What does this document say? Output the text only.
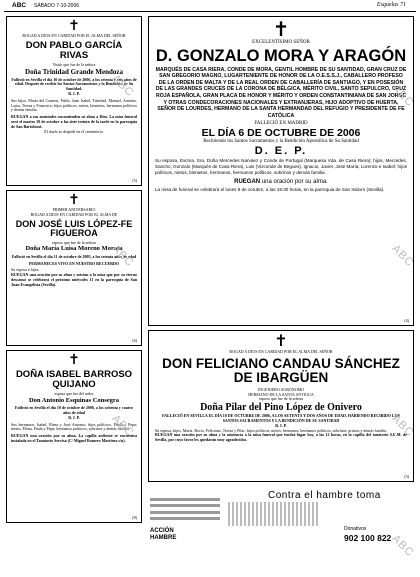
ABC SÁBADO 7-10-2006	Esquelas 71
✝
ROGAD A DIOS EN CARIDAD POR EL ALMA DEL SEÑOR
DON PABLO GARCÍA RIVAS
Viudo que fue de la señora
Doña Trinidad Grande Mendoza
Falleció en Sevilla el día 10 de octubre de 2006, a los setenta y seis años de edad. Después de recibir los Santos Sacramentos y la Bendición de Su Santidad.
R. I. P.
Sus hijos, María del Carmen, Pablo, Juan Isabel, Trinidad, Manuel, Antonio, Luisa, Teresa y Francisco; hijos políticos, nietos, bisnietos, hermanos políticos y demás familia.
RUEGAN a sus amistades encomienden su alma a Dios. La misa funeral será el martes 10 de octubre a las siete treinta de la tarde en la parroquia de San Bartolomé.
El duelo se despide en el cementerio.
(5)
✝
PRIMER ANIVERSARIO
ROGAD A DIOS EN CARIDAD POR EL ALMA DE
DON JOSÉ LUIS LÓPEZ-FE FIGUEROA
esposo que fue de la señora
Doña María Luisa Moreno Morata
Falleció en Sevilla el día 11 de octubre de 2005, a los setenta años de edad
PERMANECES VIVO EN NUESTRO RECUERDO
Su esposa e hijos.
RUEGAN una oración por su alma y asistan a la misa que por su eterno descanso se celebrará el próximo miércoles 11 en la parroquia de San Juan Evangelista (Sevilla).
(6)
✝
DOÑA ISABEL BARROSO QUIJANO
esposa que fue del señor
Don Antonio Esquinas Consegra
Falleció en Sevilla el día 10 de octubre de 2006, a los ochenta y cuatro años de edad
R. I. P.
Sus hermanos: Isabel, Elena y José Antonio; hijos políticos, Pablo y Pepa; nietos, Elena, Paula y Pepa; hermanos políticos, sobrinos y demás familia.
RUEGAN una oración por su alma. La capilla ardiente se encuentra instalada en el Tanatorio Servisa (C/ Miguel Romero Martínez s/n).
(8)
✝
EXCELENTÍSIMO SEÑOR
D. GONZALO MORA Y ARAGÓN
MARQUÉS DE CASA RIERA, CONDE DE MORA, GENTIL HOMBRE DE SU SANTIDAD, GRAN CRUZ DE SAN GREGORIO MAGNO, LUGARTENIENTE DE HONOR DE LA O.E.S.S.J., CABALLERO PROFESO DE LA ORDEN DE MALTA Y DE LA REAL ORDEN DE CABALLERÍA DE SANTIAGO, Y EN POSESIÓN DE LAS GRANDES CRUCES DE LA CORONA DE BÉLGICA, MÉRITO CIVIL, SANTO SEPULCRO, CRUZ ROJA ESPAÑOLA, GRAN PLACA DE HONOR Y MÉRITO Y ORDEN CONSTANTINIANA DE SAN JORGE Y OTRAS CONDECORACIONES NACIONALES Y EXTRANJERAS, HIJO ADOPTIVO DE HUERTA, SEÑOR DE LOURDES, HERMANO DE LA SANTA HERMANDAD DEL REFUGIO Y PRESIDENTE DE FE CATÓLICA
FALLECIÓ EN MADRID
EL DÍA 6 DE OCTUBRE DE 2006
Recibiendo los Santos Sacramentos y la Bendición Apostólica de Su Santidad
D. E. P.
Su esposa, Excma. Sra. Doña Mercedes Narváez y Conde de Portugal (Marquesa Vda. de Casa Riera); hijos, Mercedes, Sancho, Gonzalo (Marqués de Casa Riera), Luis (Vizconde de Begues), Ignacio, Javier, José María, Lorenzo e Isabel; hijos políticos, nietos, bisnietos, hermanos, hermanos políticos, sobrinos y demás familia.
RUEGAN una oración por su alma.
La misa de funeral se celebrará el lunes 9 de octubre, a las 19:30 horas, en la parroquia de San Isidoro (Sevilla).
(4)
✝
ROGAD A DIOS EN CARIDAD POR EL ALMA DEL SEÑOR
DON FELICIANO CANDAU SÁNCHEZ DE IBARGÜEN
INGENIERO AGRÓNOMO
HERMANO DE LA SANTA ANTIGUA
esposo que fue de la señora
Doña Pilar del Pino López de Onivero
FALLECIÓ EN SEVILLA EL DÍA 10 DE OCTUBRE DE 2006, A LOS SETENTA Y DOS AÑOS DE EDAD, HABIENDO RECIBIDO LOS SANTOS SACRAMENTOS Y LA BENDICIÓN DE SU SANTIDAD
R. I. P.
Su esposa; hijos, Marta, Rocío, Feliciano, Teresa y Pilar; hijos políticos, nietos, hermanos, hermanos políticos, sobrinos, primos y demás familia.
RUEGAN una oración por su alma y la asistencia a la misa funeral que tendrá lugar hoy, a las 12 horas, en la capilla del tanatorio S.E.M. de Sevilla, por cuyo favor les quedarán muy agradecidos.
(3)
Contra el hambre toma
ACCIÓN HAMBRE
Donativos
902 100 822
ABC
ABC
ABC
ABC
ABC
ABC
ABC
